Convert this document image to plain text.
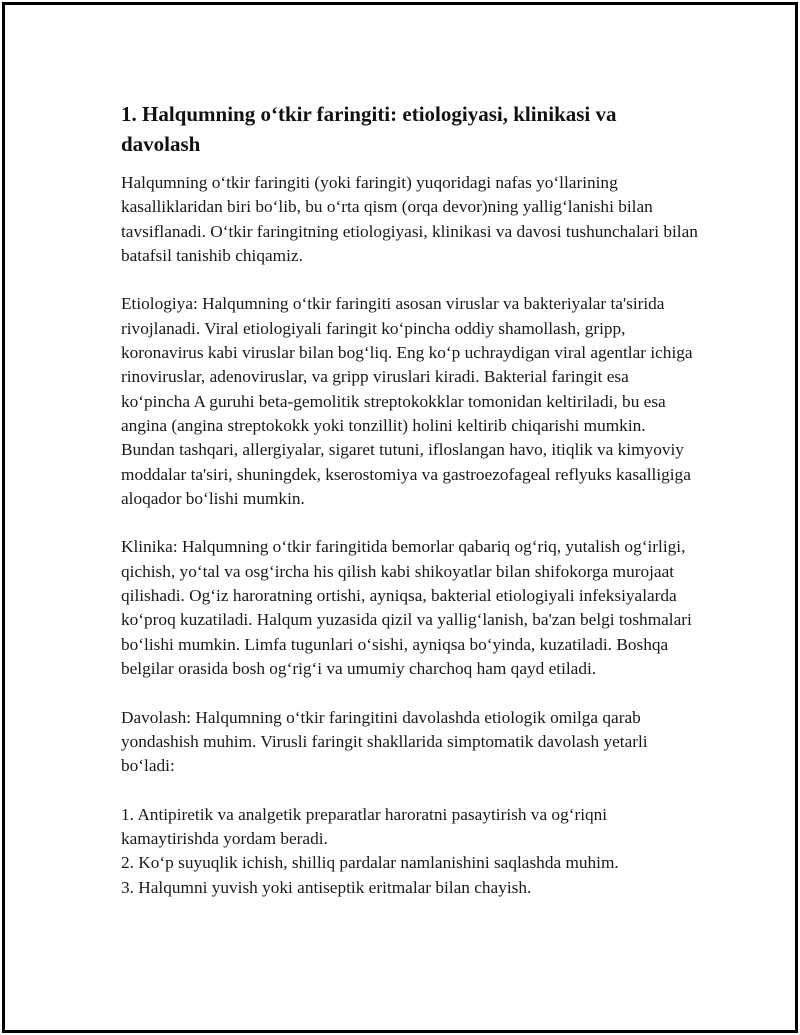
1. Halqumning o‘tkir faringiti: etiologiyasi, klinikasi va davolash

Halqumning o‘tkir faringiti (yoki faringit) yuqoridagi nafas yo‘llarining kasalliklaridan biri bo‘lib, bu o‘rta qism (orqa devor)ning yallig‘lanishi bilan tavsiflanadi. O‘tkir faringitning etiologiyasi, klinikasi va davosi tushunchalari bilan batafsil tanishib chiqamiz.

Etiologiya: Halqumning o‘tkir faringiti asosan viruslar va bakteriyalar ta'sirida rivojlanadi. Viral etiologiyali faringit ko‘pincha oddiy shamollash, gripp, koronavirus kabi viruslar bilan bog‘liq. Eng ko‘p uchraydigan viral agentlar ichiga rinoviruslar, adenoviruslar, va gripp viruslari kiradi. Bakterial faringit esa ko‘pincha A guruhi beta-gemolitik streptokokklar tomonidan keltiriladi, bu esa angina (angina streptokokk yoki tonzillit) holini keltirib chiqarishi mumkin. Bundan tashqari, allergiyalar, sigaret tutuni, ifloslangan havo, itiqlik va kimyoviy moddalar ta'siri, shuningdek, kserostomiya va gastroezofageal reflyuks kasalligiga aloqador bo‘lishi mumkin.

Klinika: Halqumning o‘tkir faringitida bemorlar qabariq og‘riq, yutalish og‘irligi, qichish, yo‘tal va osg‘ircha his qilish kabi shikoyatlar bilan shifokorga murojaat qilishadi. Og‘iz haroratning ortishi, ayniqsa, bakterial etiologiyali infeksiyalarda ko‘proq kuzatiladi. Halqum yuzasida qizil va yallig‘lanish, ba'zan belgi toshmalari bo‘lishi mumkin. Limfa tugunlari o‘sishi, ayniqsa bo‘yinda, kuzatiladi. Boshqa belgilar orasida bosh og‘rig‘i va umumiy charchoq ham qayd etiladi.

Davolash: Halqumning o‘tkir faringitini davolashda etiologik omilga qarab yondashish muhim. Virusli faringit shakllarida simptomatik davolash yetarli bo‘ladi:

1. Antipiretik va analgetik preparatlar haroratni pasaytirish va og‘riqni kamaytirishda yordam beradi.
2. Ko‘p suyuqlik ichish, shilliq pardalar namlanishini saqlashda muhim.
3. Halqumni yuvish yoki antiseptik eritmalar bilan chayish.
